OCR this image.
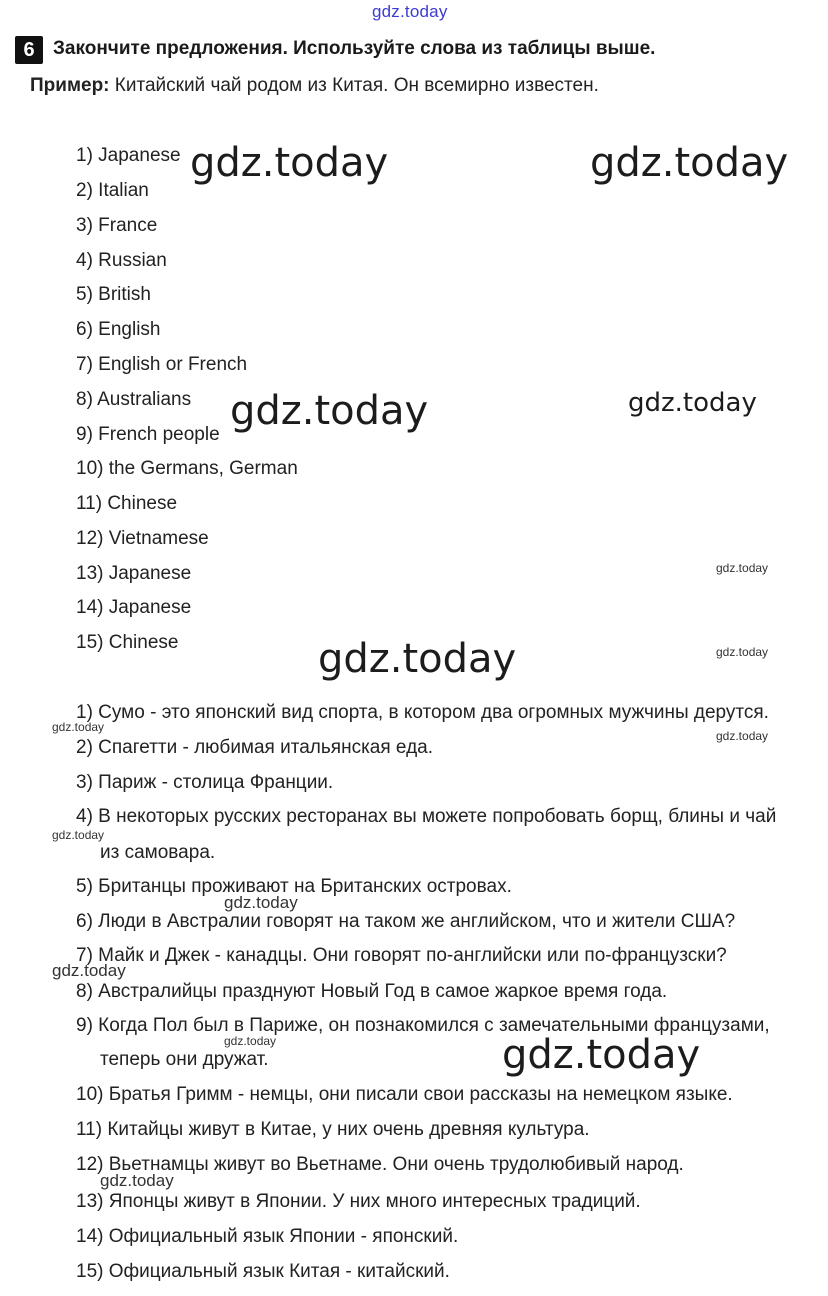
gdz.today
6 Закончите предложения. Используйте слова из таблицы выше.
Пример: Китайский чай родом из Китая. Он всемирно известен.
1) Japanese
2) Italian
3) France
4) Russian
5) British
6) English
7) English or French
8) Australians
9) French people
10) the Germans, German
11) Chinese
12) Vietnamese
13) Japanese
14) Japanese
15) Chinese
1) Сумо - это японский вид спорта, в котором два огромных мужчины дерутся.
2) Спагетти - любимая итальянская еда.
3) Париж - столица Франции.
4) В некоторых русских ресторанах вы можете попробовать борщ, блины и чай
из самовара.
5) Британцы проживают на Британских островах.
6) Люди в Австралии говорят на таком же английском, что и жители США?
7) Майк и Джек - канадцы. Они говорят по-английски или по-французски?
8) Австралийцы празднуют Новый Год в самое жаркое время года.
9) Когда Пол был в Париже, он познакомился с замечательными французами,
теперь они дружат.
10) Братья Гримм - немцы, они писали свои рассказы на немецком языке.
11) Китайцы живут в Китае, у них очень древняя культура.
12) Вьетнамцы живут во Вьетнаме. Они очень трудолюбивый народ.
13) Японцы живут в Японии. У них много интересных традиций.
14) Официальный язык Японии - японский.
15) Официальный язык Китая - китайский.
gdz.today	gdz.today
gdz.today	gdz.today
gdz.today
gdz.today
gdz.today
gdz.today
gdz.today
gdz.today
gdz.today
gdz.today
gdz.today
gdz.today
gdz.today
